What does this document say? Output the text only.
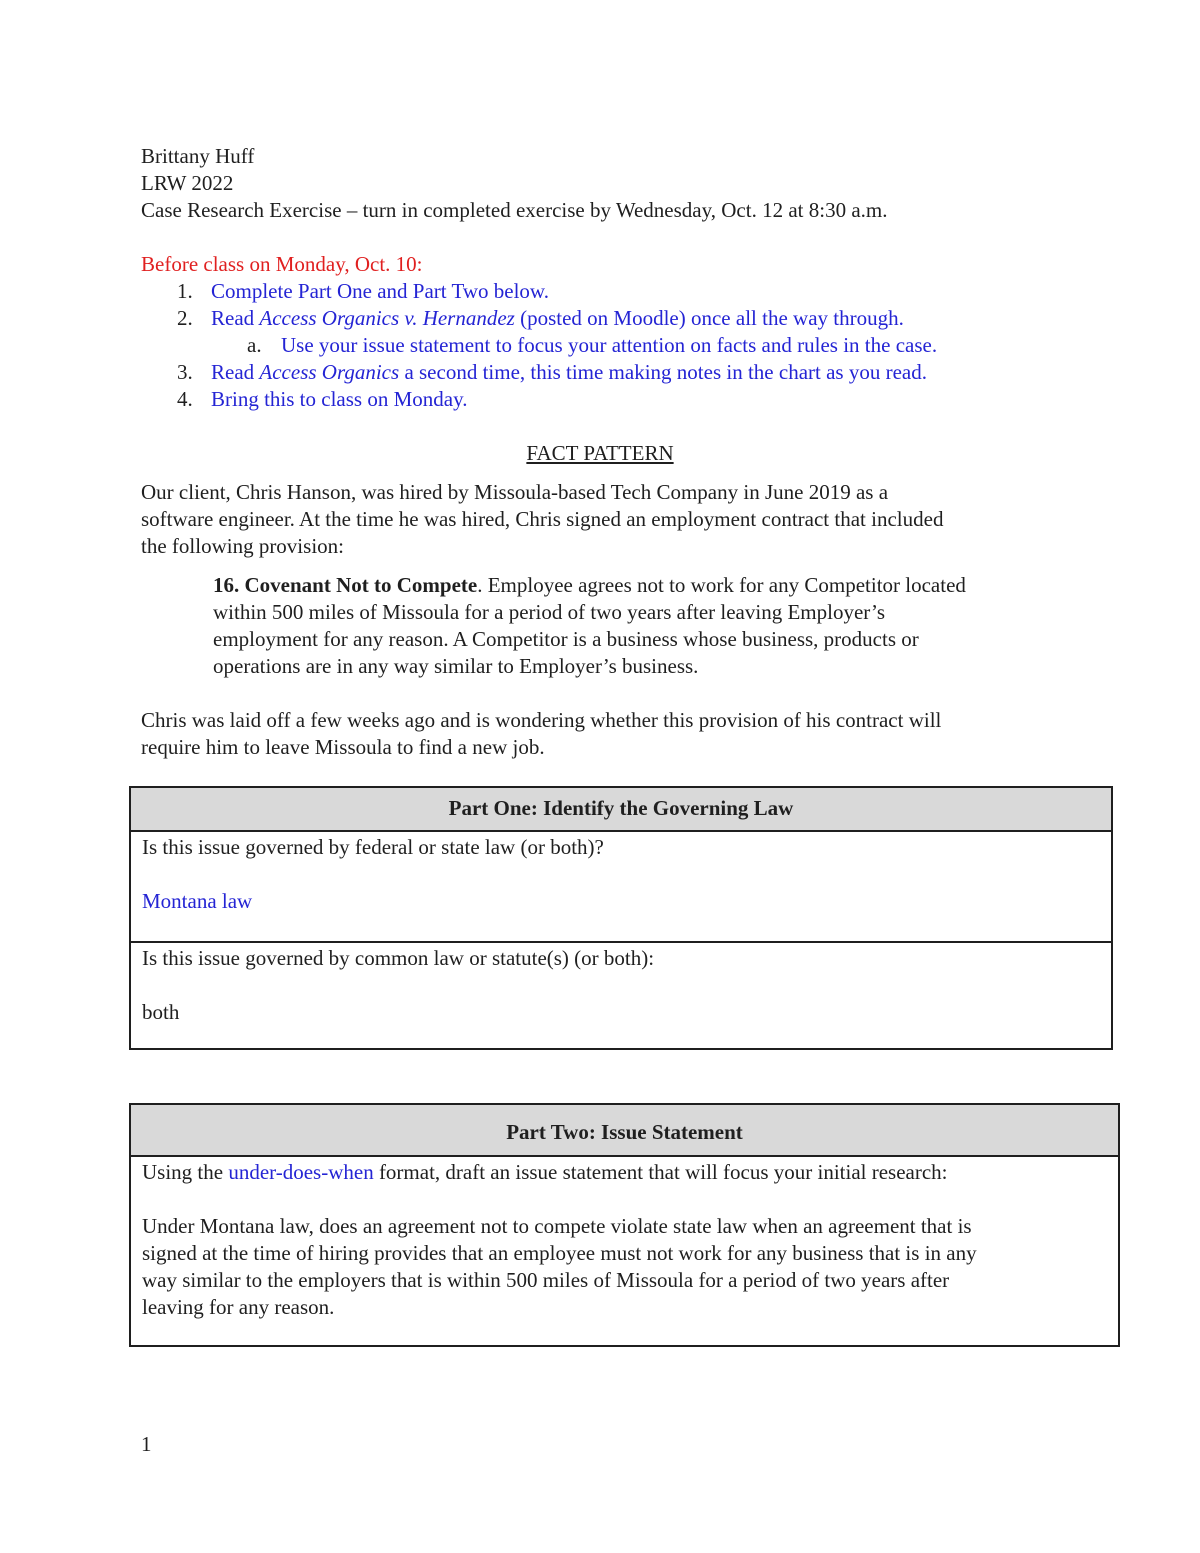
Brittany Huff
LRW 2022
Case Research Exercise – turn in completed exercise by Wednesday, Oct. 12 at 8:30 a.m.
Before class on Monday, Oct. 10:
1. Complete Part One and Part Two below.
2. Read Access Organics v. Hernandez (posted on Moodle) once all the way through.
a. Use your issue statement to focus your attention on facts and rules in the case.
3. Read Access Organics a second time, this time making notes in the chart as you read.
4. Bring this to class on Monday.
FACT PATTERN
Our client, Chris Hanson, was hired by Missoula-based Tech Company in June 2019 as a
software engineer. At the time he was hired, Chris signed an employment contract that included
the following provision:
16. Covenant Not to Compete. Employee agrees not to work for any Competitor located
within 500 miles of Missoula for a period of two years after leaving Employer’s
employment for any reason. A Competitor is a business whose business, products or
operations are in any way similar to Employer’s business.
Chris was laid off a few weeks ago and is wondering whether this provision of his contract will
require him to leave Missoula to find a new job.
Part One: Identify the Governing Law

Is this issue governed by federal or state law (or both)?

Montana law

Is this issue governed by common law or statute(s) (or both):

both

Part Two: Issue Statement

Using the under-does-when format, draft an issue statement that will focus your initial research:

Under Montana law, does an agreement not to compete violate state law when an agreement that is

signed at the time of hiring provides that an employee must not work for any business that is in any

way similar to the employers that is within 500 miles of Missoula for a period of two years after

leaving for any reason.

1
